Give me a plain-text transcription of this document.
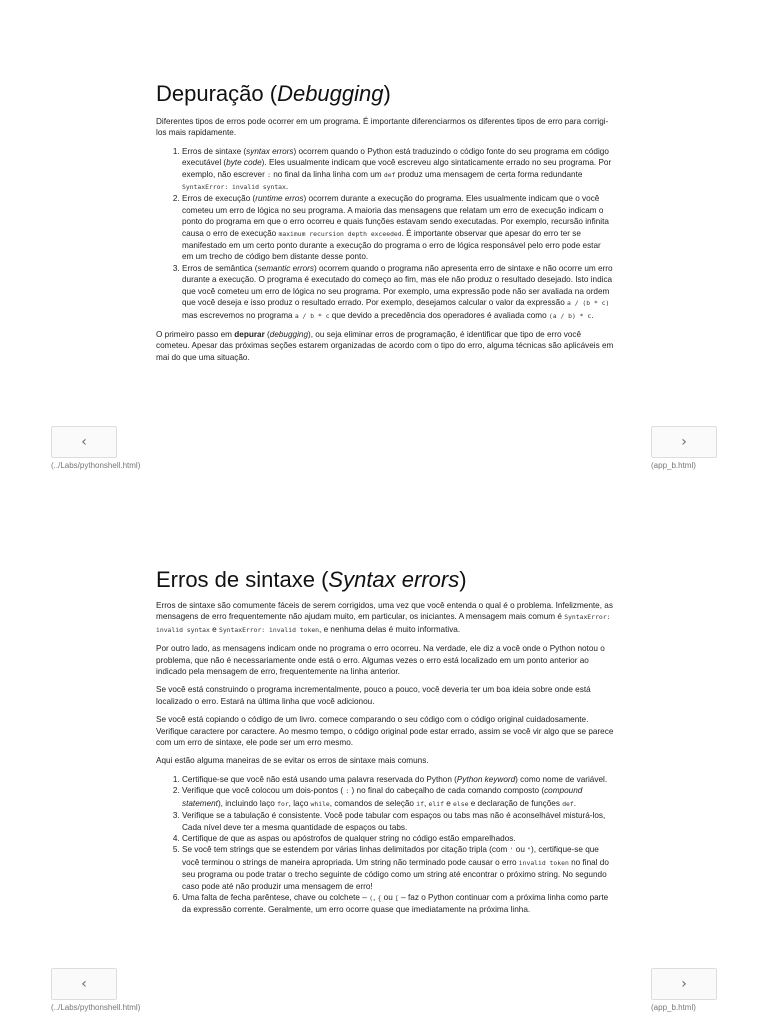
Depuração (Debugging)

Diferentes tipos de erros pode ocorrer em um programa. É importante diferenciarmos os diferentes tipos de erro para corrigi-los mais rapidamente.

1. Erros de sintaxe (syntax errors) ocorrem quando o Python está traduzindo o código fonte do seu programa em código executável (byte code). Eles usualmente indicam que você escreveu algo sintaticamente errado no seu programa. Por exemplo, não escrever : no final da linha linha com um def produz uma mensagem de certa forma redundante SyntaxError: invalid syntax.
2. Erros de execução (runtime erros) ocorrem durante a execução do programa. Eles usualmente indicam que o você cometeu um erro de lógica no seu programa. A maioria das mensagens que relatam um erro de execução indicam o ponto do programa em que o erro ocorreu e quais funções estavam sendo executadas. Por exemplo, recursão infinita causa o erro de execução maximum recursion depth exceeded. É importante observar que apesar do erro ter se manifestado em um certo ponto durante a execução do programa o erro de lógica responsável pelo erro pode estar em um trecho de código bem distante desse ponto.
3. Erros de semântica (semantic errors) ocorrem quando o programa não apresenta erro de sintaxe e não ocorre um erro durante a execução. O programa é executado do começo ao fim, mas ele não produz o resultado desejado. Isto indica que você cometeu um erro de lógica no seu programa. Por exemplo, uma expressão pode não ser avaliada na ordem que você deseja e isso produz o resultado errado. Por exemplo, desejamos calcular o valor da expressão a / (b * c) mas escrevemos no programa a / b * c que devido a precedência dos operadores é avaliada como (a / b) * c.

O primeiro passo em depurar (debugging), ou seja eliminar erros de programação, é identificar que tipo de erro você cometeu. Apesar das próximas seções estarem organizadas de acordo com o tipo do erro, alguma técnicas são aplicáveis em mai do que uma situação.

‹
(../Labs/pythonshell.html)
›
(app_b.html)
Erros de sintaxe (Syntax errors)

Erros de sintaxe são comumente fáceis de serem corrigidos, uma vez que você entenda o qual é o problema. Infelizmente, as mensagens de erro frequentemente não ajudam muito, em particular, os iniciantes. A mensagem mais comum é SyntaxError: invalid syntax e SyntaxError: invalid token, e nenhuma delas é muito informativa.

Por outro lado, as mensagens indicam onde no programa o erro ocorreu. Na verdade, ele diz a você onde o Python notou o problema, que não é necessariamente onde está o erro. Algumas vezes o erro está localizado em um ponto anterior ao indicado pela mensagem de erro, frequentemente na linha anterior.

Se você está construindo o programa incrementalmente, pouco a pouco, você deveria ter um boa ideia sobre onde está localizado o erro. Estará na última linha que você adicionou.

Se você está copiando o código de um livro. comece comparando o seu código com o código original cuidadosamente. Verifique caractere por caractere. Ao mesmo tempo, o código original pode estar errado, assim se você vir algo que se parece com um erro de sintaxe, ele pode ser um erro mesmo.

Aqui estão alguma maneiras de se evitar os erros de sintaxe mais comuns.

1. Certifique-se que você não está usando uma palavra reservada do Python (Python keyword) como nome de variável.
2. Verifique que você colocou um dois-pontos ( : ) no final do cabeçalho de cada comando composto (compound statement), incluindo laço for, laço while, comandos de seleção if, elif e else e declaração de funções def.
3. Verifique se a tabulação é consistente. Você pode tabular com espaços ou tabs mas não é aconselhável misturá-los, Cada nível deve ter a mesma quantidade de espaços ou tabs.
4. Certifique de que as aspas ou apóstrofos de qualquer string no código estão emparelhados.
5. Se você tem strings que se estendem por várias linhas delimitados por citação tripla (com ' ou "), certifique-se que você terminou o strings de maneira apropriada. Um string não terminado pode causar o erro invalid token no final do seu programa ou pode tratar o trecho seguinte de código como um string até encontrar o próximo string. No segundo caso pode até não produzir uma mensagem de erro!
6. Uma falta de fecha parêntese, chave ou colchete – (, { ou [ – faz o Python continuar com a próxima linha como parte da expressão corrente. Geralmente, um erro ocorre quase que imediatamente na próxima linha.
‹
(../Labs/pythonshell.html)
›
(app_b.html)
